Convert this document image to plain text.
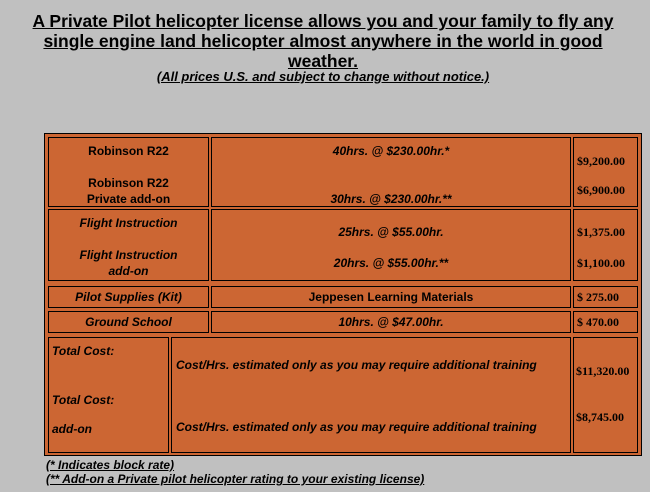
A Private Pilot helicopter license allows you and your family to fly any
single engine land helicopter almost anywhere in the world in good
weather.
(All prices U.S. and subject to change without notice.)
Robinson R22
Robinson R22
Private add-on
Flight Instruction
Flight Instruction
add-on
Pilot Supplies (Kit)
Ground School
Total Cost:
Total Cost:
add-on
40hrs. @ $230.00hr.*
30hrs. @ $230.00hr.**
25hrs. @ $55.00hr.
20hrs. @ $55.00hr.**
Jeppesen Learning Materials
10hrs. @ $47.00hr.
Cost/Hrs. estimated only as you may require additional training
Cost/Hrs. estimated only as you may require additional training
$9,200.00
$6,900.00
$1,375.00
$1,100.00
$ 275.00
$ 470.00
$11,320.00
$8,745.00
(* Indicates block rate)
(** Add-on a Private pilot helicopter rating to your existing license)
